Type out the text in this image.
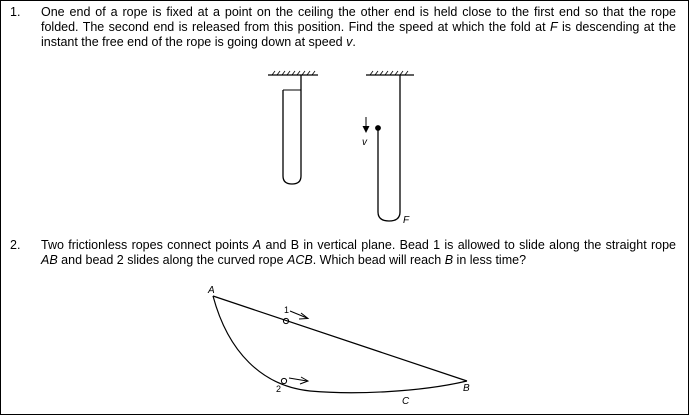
1. One end of a rope is fixed at a point on the ceiling the other end is held close to the first end so that the rope folded. The second end is released from this position. Find the speed at which the fold at F is descending at the instant the free end of the rope is going down at speed v.
v
F
A
B
C
1
2
2. Two frictionless ropes connect points A and B in vertical plane. Bead 1 is allowed to slide along the straight rope AB and bead 2 slides along the curved rope ACB. Which bead will reach B in less time?
